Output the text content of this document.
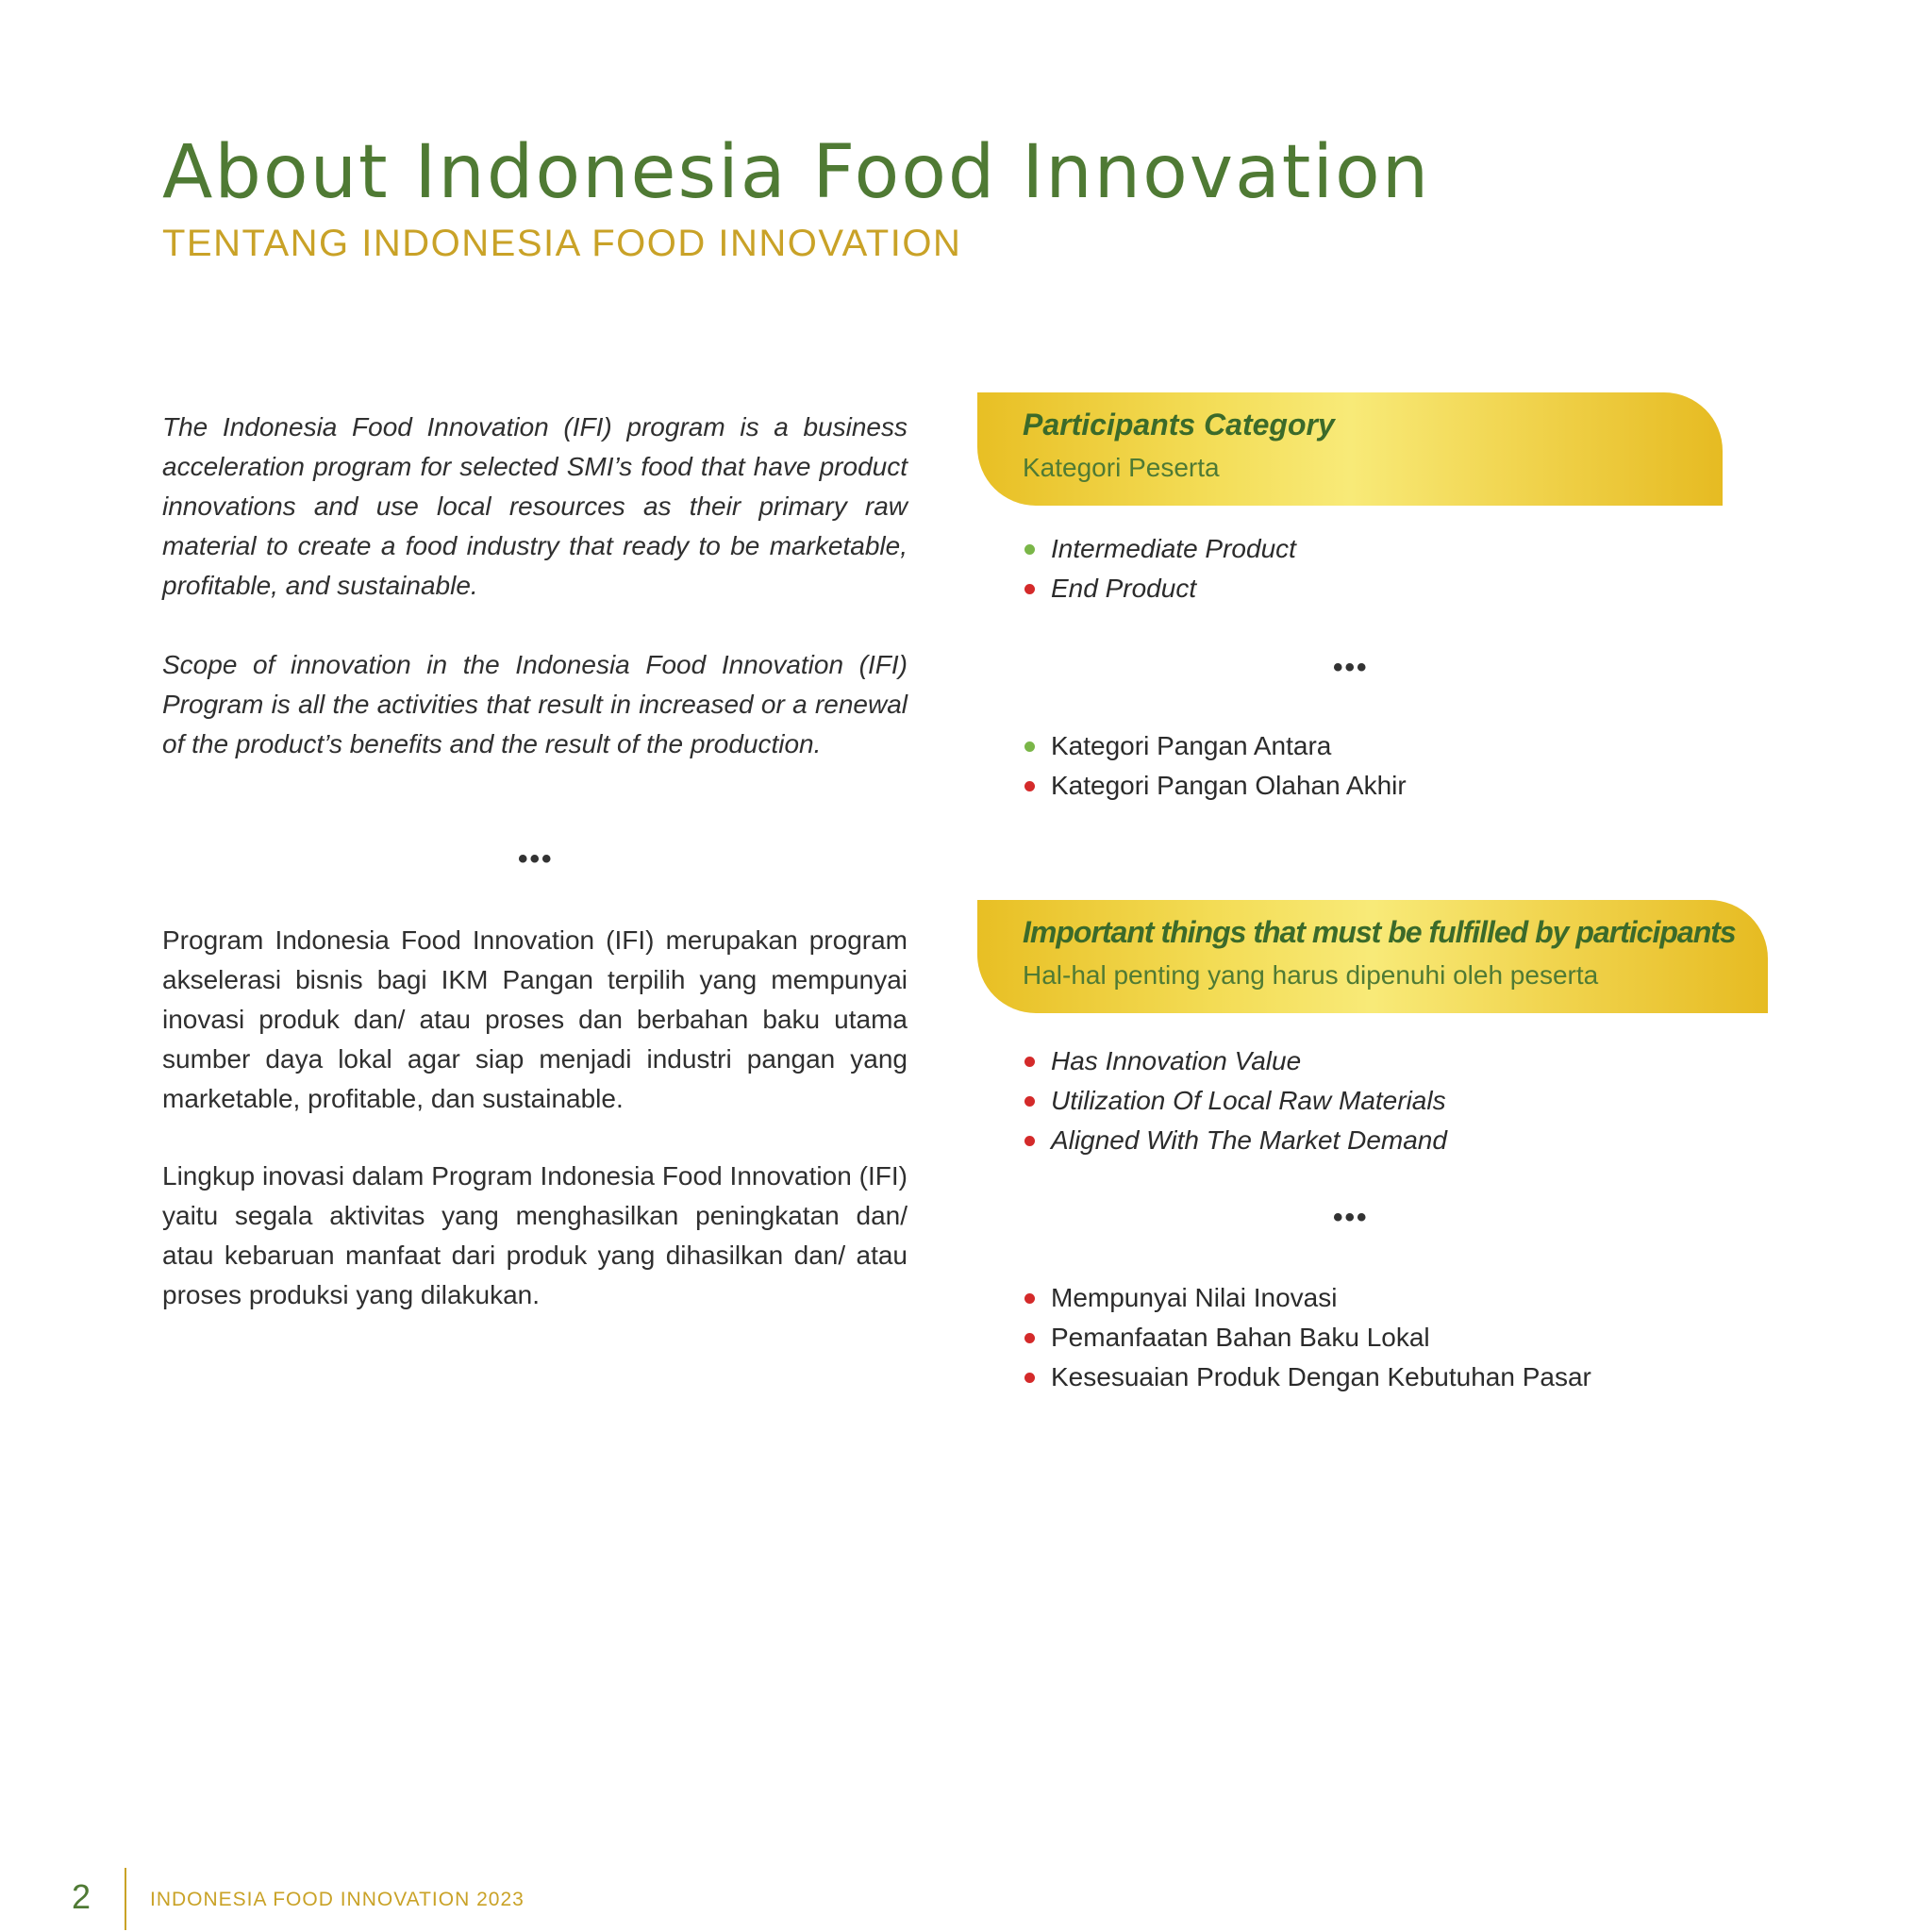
About Indonesia Food Innovation

TENTANG INDONESIA FOOD INNOVATION

The Indonesia Food Innovation (IFI) program is a business acceleration program for selected SMI’s food that have product innovations and use local resources as their primary raw material to create a food industry that ready to be marketable, profitable, and sustainable.

Scope of innovation in the Indonesia Food Innovation (IFI) Program is all the activities that result in increased or a renewal of the product’s benefits and the result of the production.

•••

Program Indonesia Food Innovation (IFI) merupakan program akselerasi bisnis bagi IKM Pangan terpilih yang mempunyai inovasi produk dan/ atau proses dan berbahan baku utama sumber daya lokal agar siap menjadi industri pangan yang marketable, profitable, dan sustainable.

Lingkup inovasi dalam Program Indonesia Food Innovation (IFI) yaitu segala aktivitas yang menghasilkan peningkatan dan/ atau kebaruan manfaat dari produk yang dihasilkan dan/ atau proses produksi yang dilakukan.

Participants Category

Kategori Peserta

Intermediate Product
End Product
•••
Kategori Pangan Antara
Kategori Pangan Olahan Akhir

Important things that must be fulfilled by participants

Hal-hal penting yang harus dipenuhi oleh peserta

Has Innovation Value
Utilization Of Local Raw Materials
Aligned With The Market Demand
•••
Mempunyai Nilai Inovasi
Pemanfaatan Bahan Baku Lokal
Kesesuaian Produk Dengan Kebutuhan Pasar
2	INDONESIA FOOD INNOVATION 2023
